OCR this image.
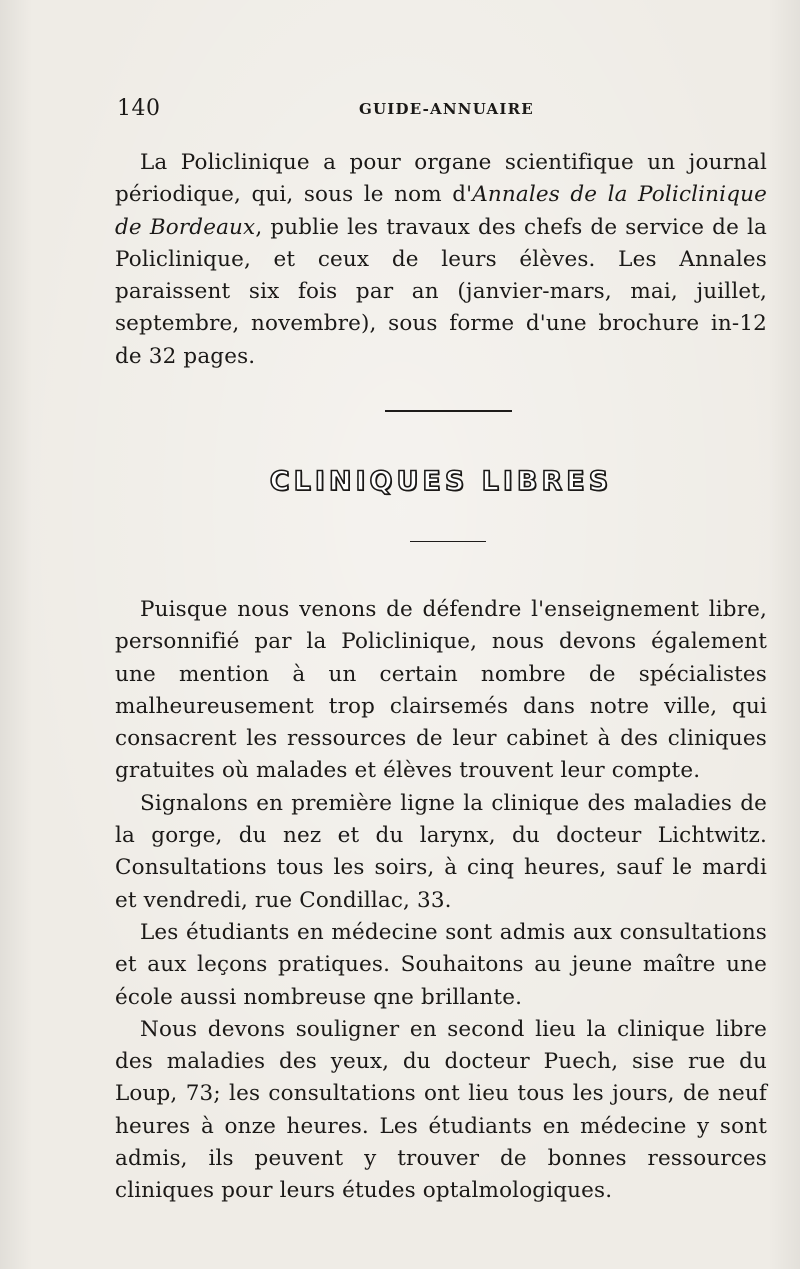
140	GUIDE-ANNUAIRE

La Policlinique a pour organe scientifique un journal périodique, qui, sous le nom d'Annales de la Policlinique de Bordeaux, publie les travaux des chefs de service de la Policlinique, et ceux de leurs élèves. Les Annales paraissent six fois par an (janvier-mars, mai, juillet, septembre, novembre), sous forme d'une brochure in-12 de 32 pages.

CLINIQUES LIBRES

Puisque nous venons de défendre l'enseignement libre, personnifié par la Policlinique, nous devons également une mention à un certain nombre de spécialistes malheureusement trop clairsemés dans notre ville, qui consacrent les ressources de leur cabinet à des cliniques gratuites où malades et élèves trouvent leur compte.

Signalons en première ligne la clinique des maladies de la gorge, du nez et du larynx, du docteur Lichtwitz. Consultations tous les soirs, à cinq heures, sauf le mardi et vendredi, rue Condillac, 33.

Les étudiants en médecine sont admis aux consultations et aux leçons pratiques. Souhaitons au jeune maître une école aussi nombreuse qne brillante.

Nous devons souligner en second lieu la clinique libre des maladies des yeux, du docteur Puech, sise rue du Loup, 73; les consultations ont lieu tous les jours, de neuf heures à onze heures. Les étudiants en médecine y sont admis, ils peuvent y trouver de bonnes ressources cliniques pour leurs études optalmologiques.
